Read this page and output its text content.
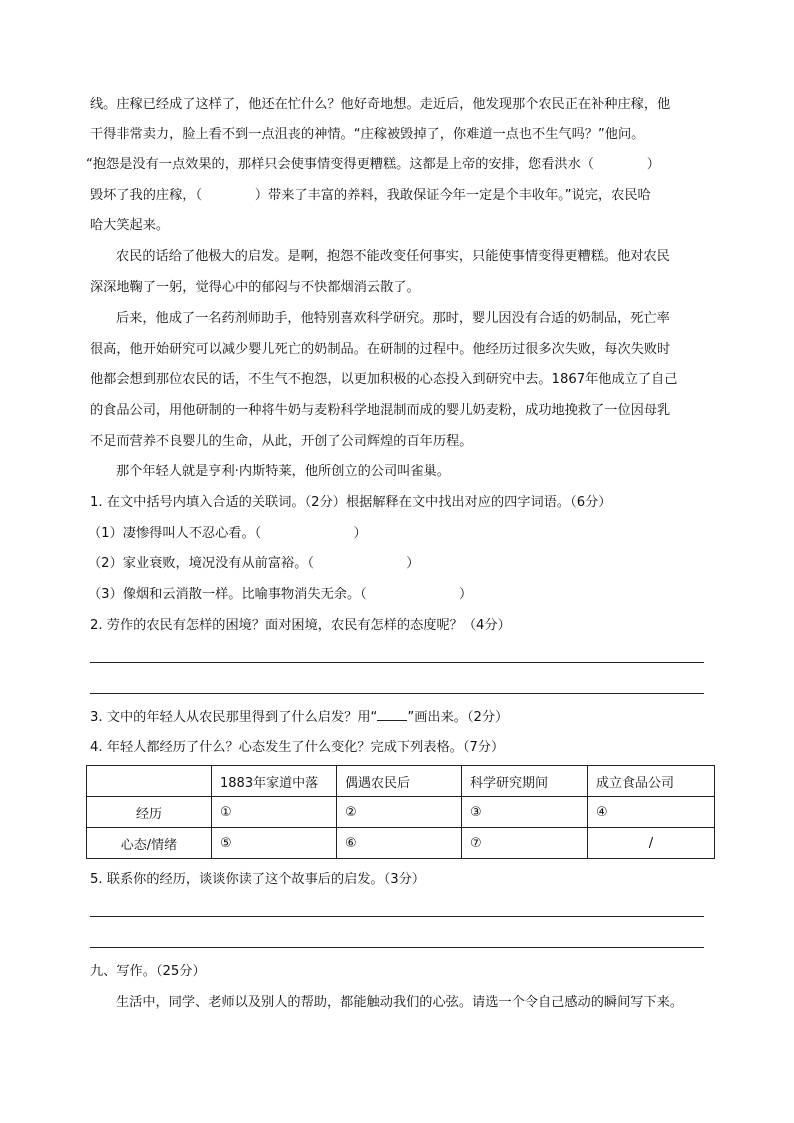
线。庄稼已经成了这样了，他还在忙什么？他好奇地想。走近后，他发现那个农民正在补种庄稼，他
干得非常卖力，脸上看不到一点沮丧的神情。“庄稼被毁掉了，你难道一点也不生气吗？”他问。
“抱怨是没有一点效果的，那样只会使事情变得更糟糕。这都是上帝的安排，您看洪水（　　　　）
毁坏了我的庄稼，（　　　　）带来了丰富的养料，我敢保证今年一定是个丰收年。”说完，农民哈
哈大笑起来。
农民的话给了他极大的启发。是啊，抱怨不能改变任何事实，只能使事情变得更糟糕。他对农民
深深地鞠了一躬，觉得心中的郁闷与不快都烟消云散了。
后来，他成了一名药剂师助手，他特别喜欢科学研究。那时，婴儿因没有合适的奶制品，死亡率
很高，他开始研究可以减少婴儿死亡的奶制品。在研制的过程中。他经历过很多次失败，每次失败时
他都会想到那位农民的话，不生气不抱怨，以更加积极的心态投入到研究中去。1867年他成立了自己
的食品公司，用他研制的一种将牛奶与麦粉科学地混制而成的婴儿奶麦粉，成功地挽救了一位因母乳
不足而营养不良婴儿的生命，从此，开创了公司辉煌的百年历程。
那个年轻人就是亨利·内斯特莱，他所创立的公司叫雀巢。
1. 在文中括号内填入合适的关联词。（2分）根据解释在文中找出对应的四字词语。（6分）
（1）凄惨得叫人不忍心看。（　　　　　　　）
（2）家业衰败，境况没有从前富裕。（　　　　　　　）
（3）像烟和云消散一样。比喻事物消失无余。（　　　　　　　）
2. 劳作的农民有怎样的困境？面对困境，农民有怎样的态度呢？（4分）
3. 文中的年轻人从农民那里得到了什么启发？用“ ”画出来。（2分）
4. 年轻人都经历了什么？心态发生了什么变化？完成下列表格。（7分）
	1883年家道中落	偶遇农民后	科学研究期间	成立食品公司
经历	①	②	③	④
心态/情绪	⑤	⑥	⑦	/
5. 联系你的经历，谈谈你读了这个故事后的启发。（3分）
九、写作。（25分）
生活中，同学、老师以及别人的帮助，都能触动我们的心弦。请选一个令自己感动的瞬间写下来。
